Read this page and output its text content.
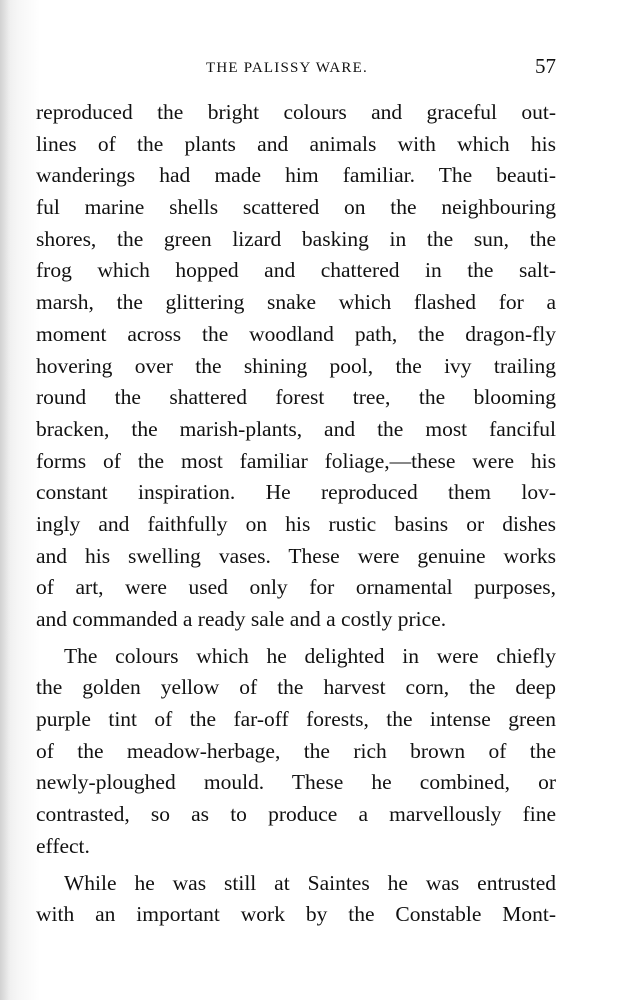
THE PALISSY WARE.	57
reproduced the bright colours and graceful out-
lines of the plants and animals with which his
wanderings had made him familiar. The beauti-
ful marine shells scattered on the neighbouring
shores, the green lizard basking in the sun, the
frog which hopped and chattered in the salt-
marsh, the glittering snake which flashed for a
moment across the woodland path, the dragon-fly
hovering over the shining pool, the ivy trailing
round the shattered forest tree, the blooming
bracken, the marish-plants, and the most fanciful
forms of the most familiar foliage,—these were his
constant inspiration. He reproduced them lov-
ingly and faithfully on his rustic basins or dishes
and his swelling vases. These were genuine works
of art, were used only for ornamental purposes,
and commanded a ready sale and a costly price.
The colours which he delighted in were chiefly
the golden yellow of the harvest corn, the deep
purple tint of the far-off forests, the intense green
of the meadow-herbage, the rich brown of the
newly-ploughed mould. These he combined, or
contrasted, so as to produce a marvellously fine
effect.
While he was still at Saintes he was entrusted
with an important work by the Constable Mont-
